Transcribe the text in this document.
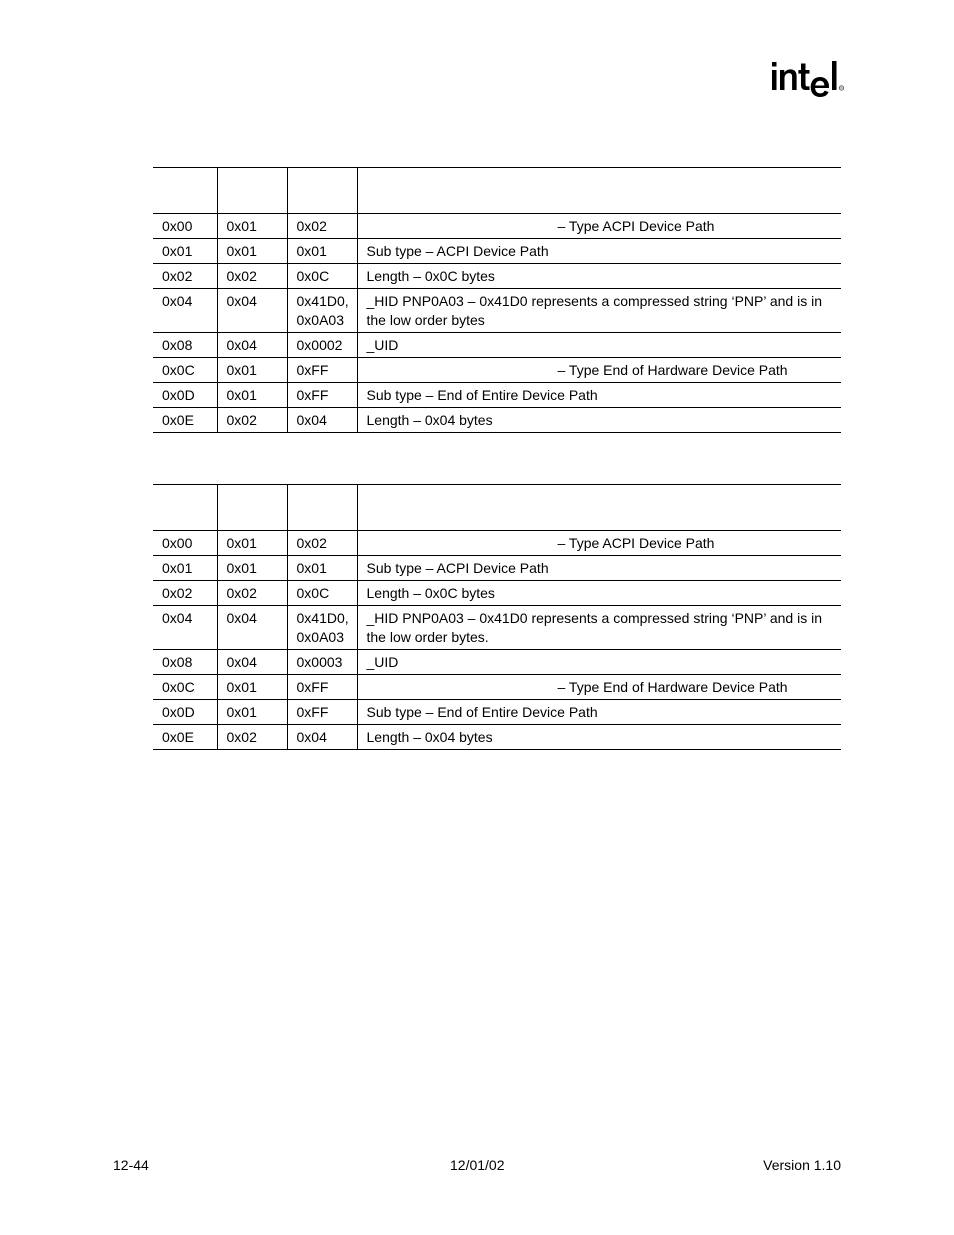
R

0x00	0x01	0x02	– Type ACPI Device Path
0x01	0x01	0x01	Sub type – ACPI Device Path
0x02	0x02	0x0C	Length – 0x0C bytes
0x04	0x04	0x41D0, 0x0A03	_HID PNP0A03 – 0x41D0 represents a compressed string ‘PNP’ and is in the low order bytes
0x08	0x04	0x0002	_UID
0x0C	0x01	0xFF	– Type End of Hardware Device Path
0x0D	0x01	0xFF	Sub type – End of Entire Device Path
0x0E	0x02	0x04	Length – 0x04 bytes

0x00	0x01	0x02	– Type ACPI Device Path
0x01	0x01	0x01	Sub type – ACPI Device Path
0x02	0x02	0x0C	Length – 0x0C bytes
0x04	0x04	0x41D0, 0x0A03	_HID PNP0A03 – 0x41D0 represents a compressed string ‘PNP’ and is in the low order bytes.
0x08	0x04	0x0003	_UID
0x0C	0x01	0xFF	– Type End of Hardware Device Path
0x0D	0x01	0xFF	Sub type – End of Entire Device Path
0x0E	0x02	0x04	Length – 0x04 bytes
12-44	12/01/02	Version 1.10
